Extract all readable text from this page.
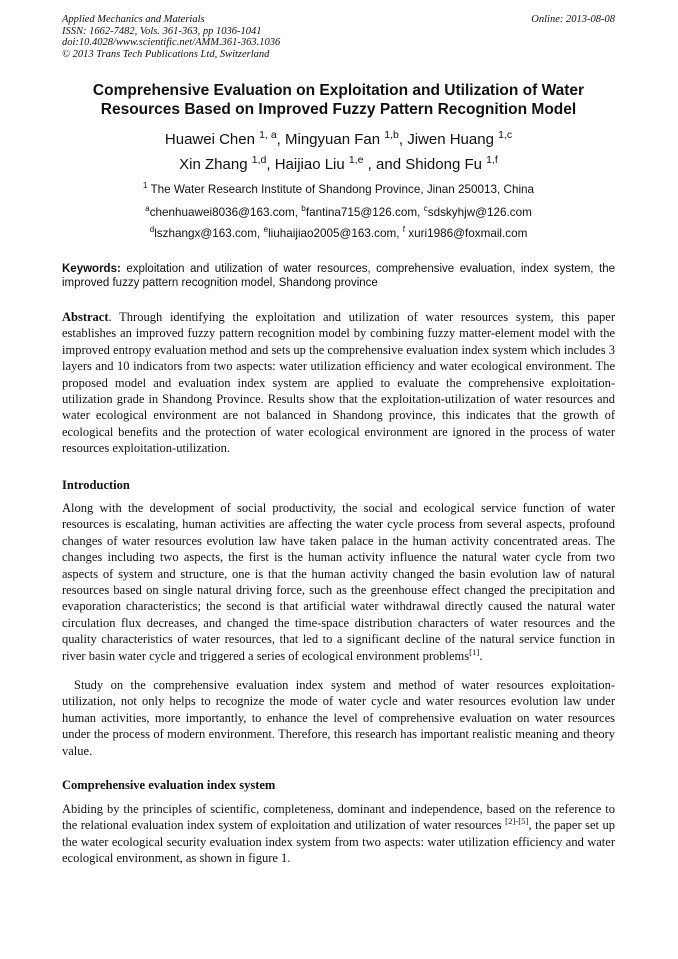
Applied Mechanics and Materials
ISSN: 1662-7482, Vols. 361-363, pp 1036-1041
doi:10.4028/www.scientific.net/AMM.361-363.1036
© 2013 Trans Tech Publications Ltd, Switzerland
Online: 2013-08-08
Comprehensive Evaluation on Exploitation and Utilization of Water
Resources Based on Improved Fuzzy Pattern Recognition Model
Huawei Chen $^{1, a}$, Mingyuan Fan $^{1,b}$, Jiwen Huang $^{1,c}$
Xin Zhang $^{1,d}$, Haijiao Liu $^{1,e}$ , and Shidong Fu $^{1,f}$
$^1$ The Water Research Institute of Shandong Province, Jinan 250013, China
$^a$chenhuawei8036@163.com, $^b$fantina715@126.com, $^c$sdskyhjw@126.com
$^d$lszhangx@163.com, $^e$liuhaijiao2005@163.com, $^f$ xuri1986@foxmail.com
Keywords: exploitation and utilization of water resources, comprehensive evaluation, index system, the improved fuzzy pattern recognition model, Shandong province
Abstract. Through identifying the exploitation and utilization of water resources system, this paper establishes an improved fuzzy pattern recognition model by combining fuzzy matter-element model with the improved entropy evaluation method and sets up the comprehensive evaluation index system which includes 3 layers and 10 indicators from two aspects: water utilization efficiency and water ecological environment. The proposed model and evaluation index system are applied to evaluate the comprehensive exploitation-utilization grade in Shandong Province. Results show that the exploitation-utilization of water resources and water ecological environment are not balanced in Shandong province, this indicates that the growth of ecological benefits and the protection of water ecological environment are ignored in the process of water resources exploitation-utilization.
Introduction
Along with the development of social productivity, the social and ecological service function of water resources is escalating, human activities are affecting the water cycle process from several aspects, profound changes of water resources evolution law have taken palace in the human activity concentrated areas. The changes including two aspects, the first is the human activity influence the natural water cycle from two aspects of system and structure, one is that the human activity changed the basin evolution law of natural resources based on single natural driving force, such as the greenhouse effect changed the precipitation and evaporation characteristics; the second is that artificial water withdrawal directly caused the natural water circulation flux decreases, and changed the time-space distribution characters of water resources and the quality characteristics of water resources, that led to a significant decline of the natural service function in river basin water cycle and triggered a series of ecological environment problems[1].
Study on the comprehensive evaluation index system and method of water resources exploitation-utilization, not only helps to recognize the mode of water cycle and water resources evolution law under human activities, more importantly, to enhance the level of comprehensive evaluation on water resources under the process of modern environment. Therefore, this research has important realistic meaning and theory value.
Comprehensive evaluation index system
Abiding by the principles of scientific, completeness, dominant and independence, based on the reference to the relational evaluation index system of exploitation and utilization of water resources [2]-[5], the paper set up the water ecological security evaluation index system from two aspects: water utilization efficiency and water ecological environment, as shown in figure 1.
